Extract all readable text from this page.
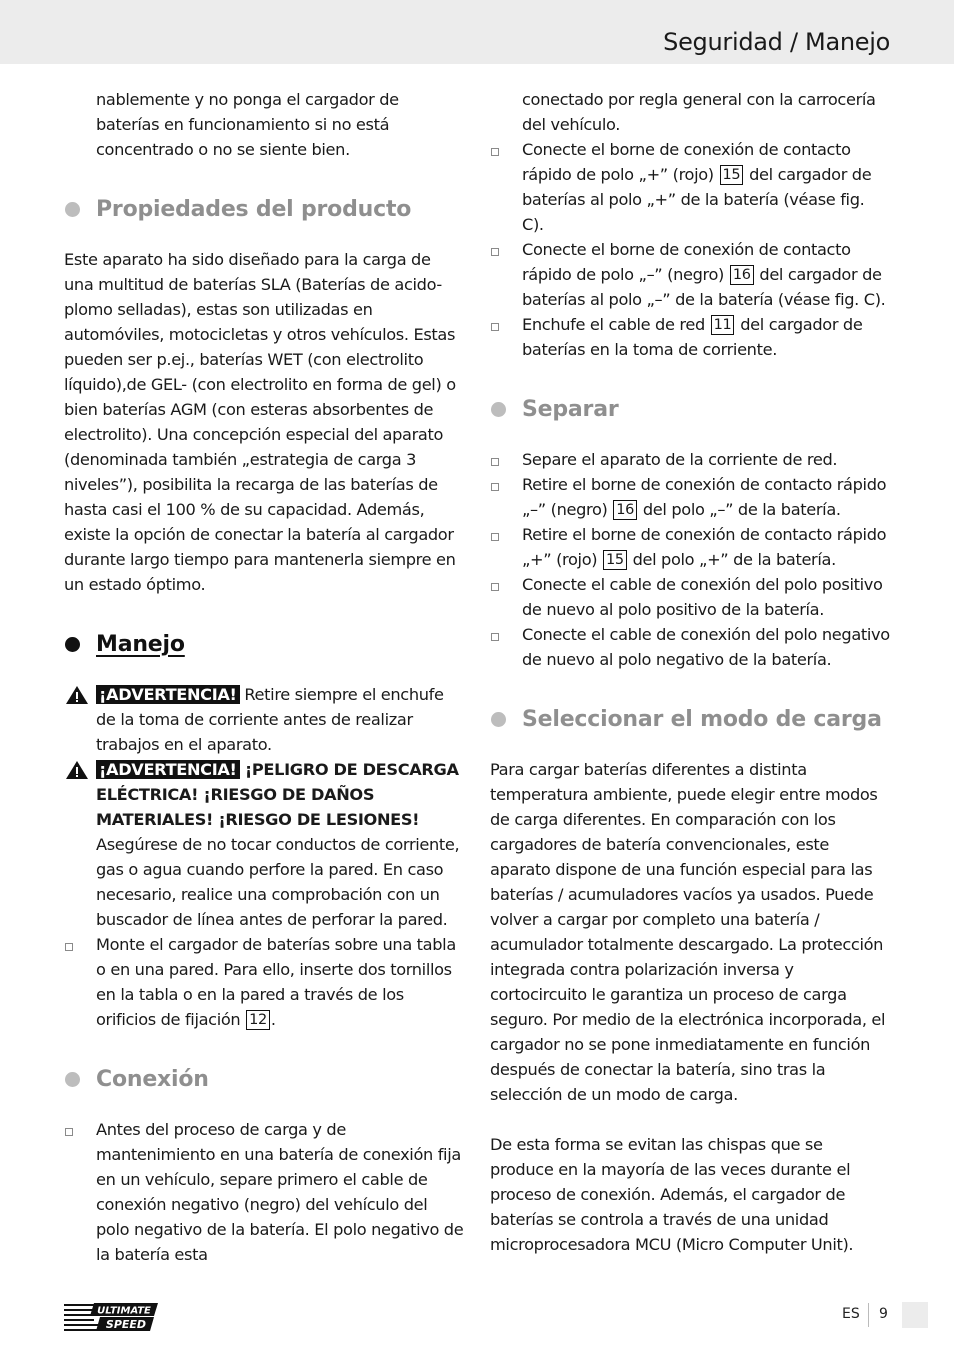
Seguridad / Manejo

nablemente y no ponga el cargador de baterías en funcionamiento si no está concentrado o no se siente bien.

Propiedades del producto

Este aparato ha sido diseñado para la carga de una multitud de baterías SLA (Baterías de acido-plomo selladas), estas son utilizadas en automóviles, motocicletas y otros vehículos. Estas pueden ser p.ej., baterías WET (con electrolito líquido),de GEL- (con electrolito en forma de gel) o bien baterías AGM (con esteras absorbentes de electrolito). Una concepción especial del aparato (denominada también „estrategia de carga 3 niveles”), posibilita la recarga de las baterías de hasta casi el 100 % de su capacidad. Además, existe la opción de conectar la batería al cargador durante largo tiempo para mantenerla siempre en un estado óptimo.

Manejo
¡ADVERTENCIA! Retire siempre el enchufe de la toma de corriente antes de realizar trabajos en el aparato.
¡ADVERTENCIA! ¡PELIGRO DE DESCARGA ELÉCTRICA! ¡RIESGO DE DAÑOS MATERIALES! ¡RIESGO DE LESIONES! Asegúrese de no tocar conductos de corriente, gas o agua cuando perfore la pared. En caso necesario, realice una comprobación con un buscador de línea antes de perforar la pared.
Monte el cargador de baterías sobre una tabla o en una pared. Para ello, inserte dos tornillos en la tabla o en la pared a través de los orificios de fijación 12 .
Conexión
Antes del proceso de carga y de mantenimiento en una batería de conexión fija en un vehículo, separe primero el cable de conexión negativo (negro) del vehículo del polo negativo de la batería. El polo negativo de la batería esta

conectado por regla general con la carrocería del vehículo.

Conecte el borne de conexión de contacto rápido de polo „+” (rojo) 15 del cargador de baterías al polo „+” de la batería (véase fig. C).
Conecte el borne de conexión de contacto rápido de polo „–” (negro) 16 del cargador de baterías al polo „–” de la batería (véase fig. C).
Enchufe el cable de red 11 del cargador de baterías en la toma de corriente.
Separar
Separe el aparato de la corriente de red.
Retire el borne de conexión de contacto rápido „–” (negro) 16 del polo „–” de la batería.
Retire el borne de conexión de contacto rápido „+” (rojo) 15 del polo „+” de la batería.
Conecte el cable de conexión del polo positivo de nuevo al polo positivo de la batería.
Conecte el cable de conexión del polo negativo de nuevo al polo negativo de la batería.
Seleccionar el modo de carga

Para cargar baterías diferentes a distinta temperatura ambiente, puede elegir entre modos de carga diferentes. En comparación con los cargadores de batería convencionales, este aparato dispone de una función especial para las baterías / acumuladores vacíos ya usados. Puede volver a cargar por completo una batería / acumulador totalmente descargado. La protección integrada contra polarización inversa y cortocircuito le garantiza un proceso de carga seguro. Por medio de la electrónica incorporada, el cargador no se pone inmediatamente en función después de conectar la batería, sino tras la selección de un modo de carga.

De esta forma se evitan las chispas que se produce en la mayoría de las veces durante el proceso de conexión. Además, el cargador de baterías se controla a través de una unidad microprocesadora MCU (Micro Computer Unit).

ULTIMATE
SPEED
ES 9
